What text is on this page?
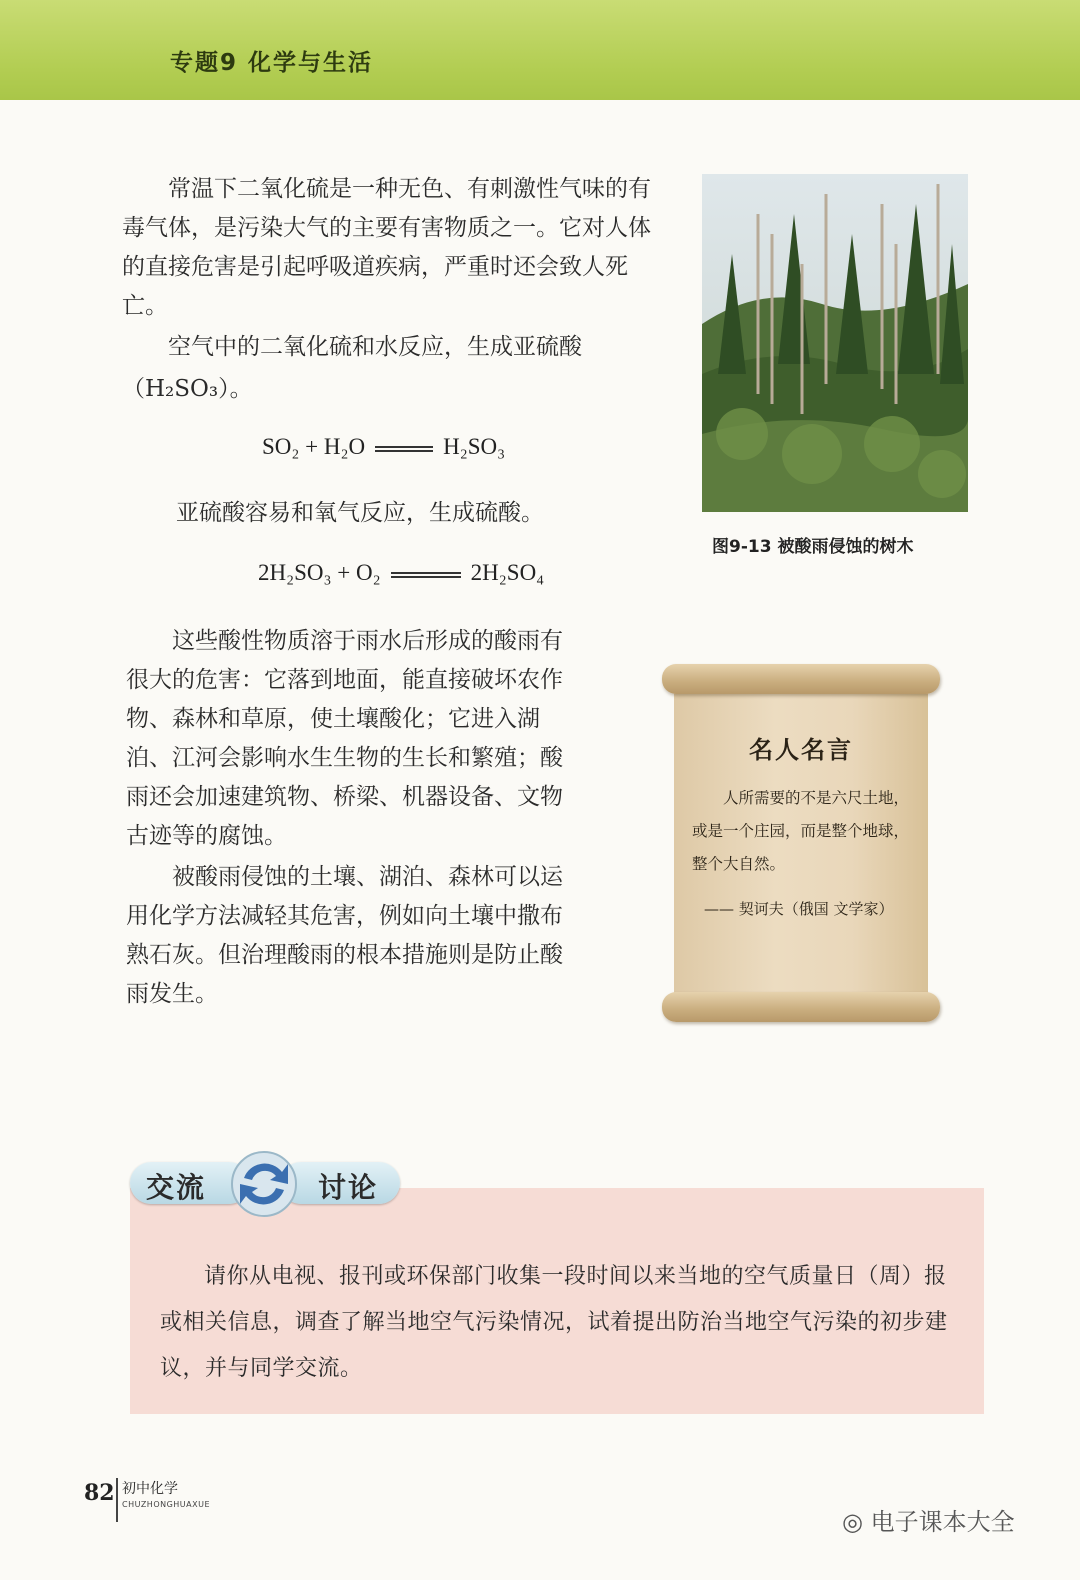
专题9 化学与生活

常温下二氧化硫是一种无色、有刺激性气味的有毒气体，是污染大气的主要有害物质之一。它对人体的直接危害是引起呼吸道疾病，严重时还会致人死亡。

空气中的二氧化硫和水反应，生成亚硫酸

（H₂SO₃）。

SO₂ + H₂O	H₂SO₃

亚硫酸容易和氧气反应，生成硫酸。

2H₂SO₃ + O₂	2H₂SO₄

这些酸性物质溶于雨水后形成的酸雨有很大的危害：它落到地面，能直接破坏农作物、森林和草原，使土壤酸化；它进入湖泊、江河会影响水生生物的生长和繁殖；酸雨还会加速建筑物、桥梁、机器设备、文物古迹等的腐蚀。

被酸雨侵蚀的土壤、湖泊、森林可以运用化学方法减轻其危害，例如向土壤中撒布熟石灰。但治理酸雨的根本措施则是防止酸雨发生。

图9-13 被酸雨侵蚀的树木
名人名言

人所需要的不是六尺土地，或是一个庄园，而是整个地球，整个大自然。

—— 契诃夫（俄国 文学家）
交流	讨论

请你从电视、报刊或环保部门收集一段时间以来当地的空气质量日（周）报或相关信息，调查了解当地空气污染情况，试着提出防治当地空气污染的初步建议，并与同学交流。

82 初中化学
CHUZHONGHUAXUE
◎ 电子课本大全
